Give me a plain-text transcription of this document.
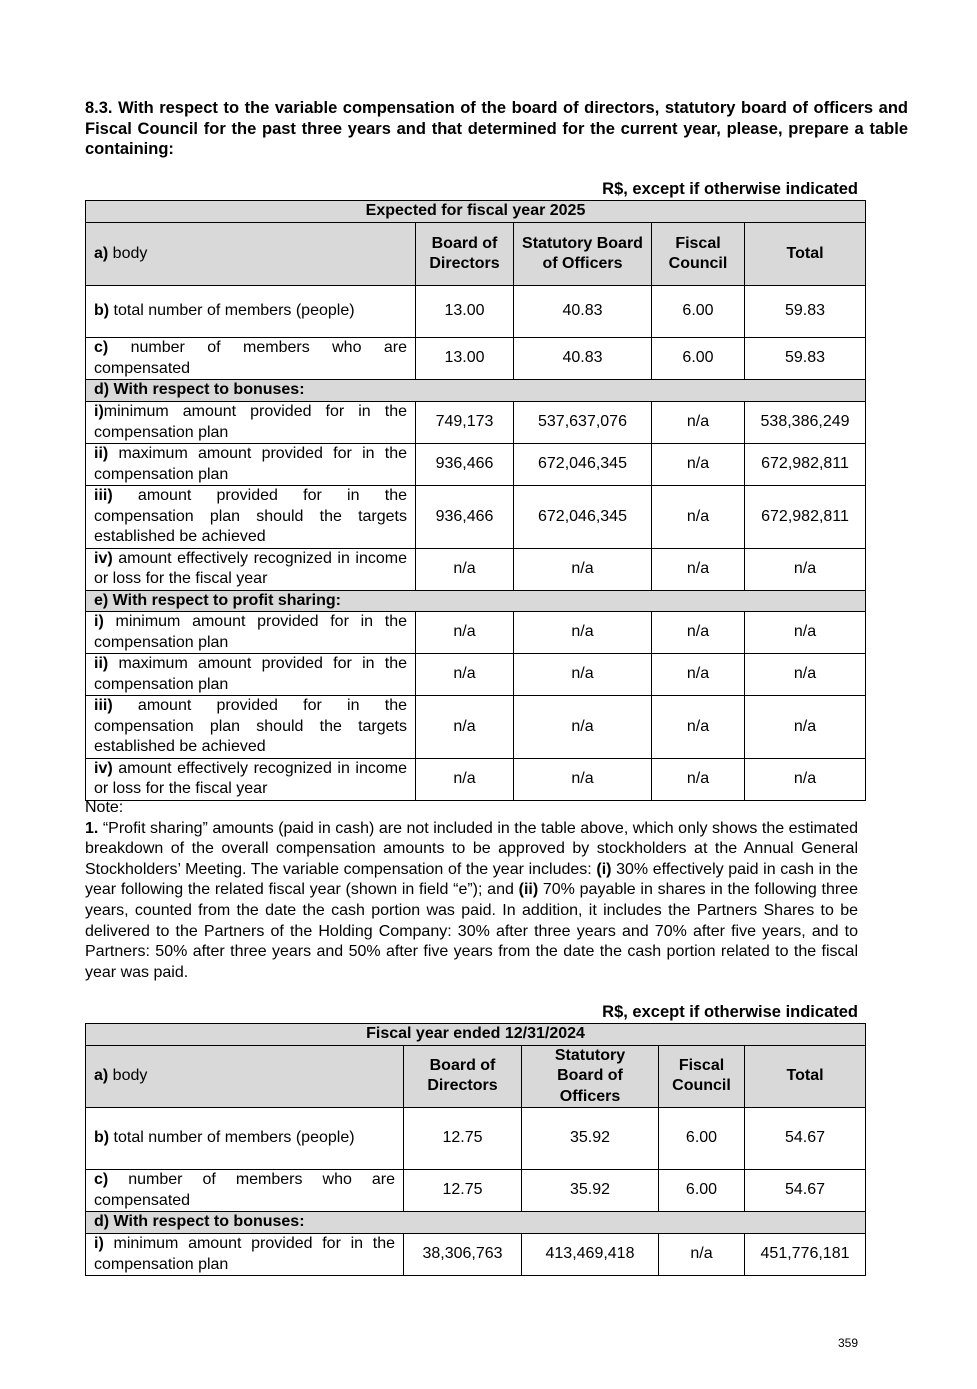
8.3. With respect to the variable compensation of the board of directors, statutory board of officers and Fiscal Council for the past three years and that determined for the current year, please, prepare a table containing:
R$, except if otherwise indicated
Expected for fiscal year 2025				
a) body	Board of Directors	Statutory Board of Officers	Fiscal Council	Total
b) total number of members (people)	13.00	40.83	6.00	59.83
c) number of members who are compensated	13.00	40.83	6.00	59.83
d) With respect to bonuses:				
i)minimum amount provided for in the compensation plan	749,173	537,637,076	n/a	538,386,249
ii) maximum amount provided for in the compensation plan	936,466	672,046,345	n/a	672,982,811
iii) amount provided for in the compensation plan should the targets established be achieved	936,466	672,046,345	n/a	672,982,811
iv) amount effectively recognized in income or loss for the fiscal year	n/a	n/a	n/a	n/a
e) With respect to profit sharing:				
i) minimum amount provided for in the compensation plan	n/a	n/a	n/a	n/a
ii) maximum amount provided for in the compensation plan	n/a	n/a	n/a	n/a
iii) amount provided for in the compensation plan should the targets established be achieved	n/a	n/a	n/a	n/a
iv) amount effectively recognized in income or loss for the fiscal year	n/a	n/a	n/a	n/a
Note:
1. “Profit sharing” amounts (paid in cash) are not included in the table above, which only shows the estimated breakdown of the overall compensation amounts to be approved by stockholders at the Annual General Stockholders’ Meeting. The variable compensation of the year includes: (i) 30% effectively paid in cash in the year following the related fiscal year (shown in field “e”); and (ii) 70% payable in shares in the following three years, counted from the date the cash portion was paid. In addition, it includes the Partners Shares to be delivered to the Partners of the Holding Company: 30% after three years and 70% after five years, and to Partners: 50% after three years and 50% after five years from the date the cash portion related to the fiscal year was paid.
R$, except if otherwise indicated
Fiscal year ended 12/31/2024				
a) body	Board of Directors	Statutory Board of Officers	Fiscal Council	Total
b) total number of members (people)	12.75	35.92	6.00	54.67
c) number of members who are compensated	12.75	35.92	6.00	54.67
d) With respect to bonuses:				
i) minimum amount provided for in the compensation plan	38,306,763	413,469,418	n/a	451,776,181
359
